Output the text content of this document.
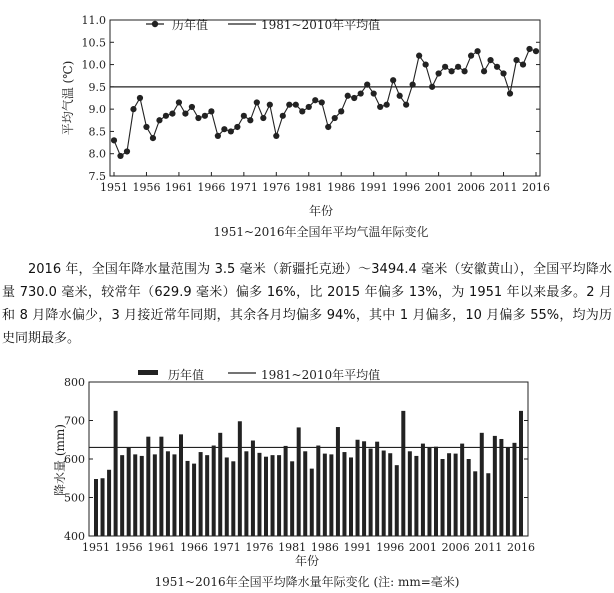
7.5
8.0
8.5
9.0
9.5
10.0
10.5
11.0
1951 1956 1961 1966 1971 1976 1981 1986 1991 1996 2001 2006 2011 2016
历年值	1981~2010年平均值
平均气温 (℃)
年份
1951~2016年全国年平均气温年际变化

2016 年，全国年降水量范围为 3.5 毫米（新疆托克逊）～3494.4 毫米（安徽黄山），全国平均降水量 730.0 毫米，较常年（629.9 毫米）偏多 16%，比 2015 年偏多 13%，为 1951 年以来最多。2 月和 8 月降水偏少，3 月接近常年同期，其余各月均偏多 94%，其中 1 月偏多，10 月偏多 55%，均为历史同期最多。

400
500
600
700
800
1951 1956 1961 1966 1971 1976 1981 1986 1991 1996 2001 2006 2011 2016
历年值	1981~2010年平均值
降水量 (mm)
年份
1951~2016年全国平均降水量年际变化 (注: mm=毫米)
